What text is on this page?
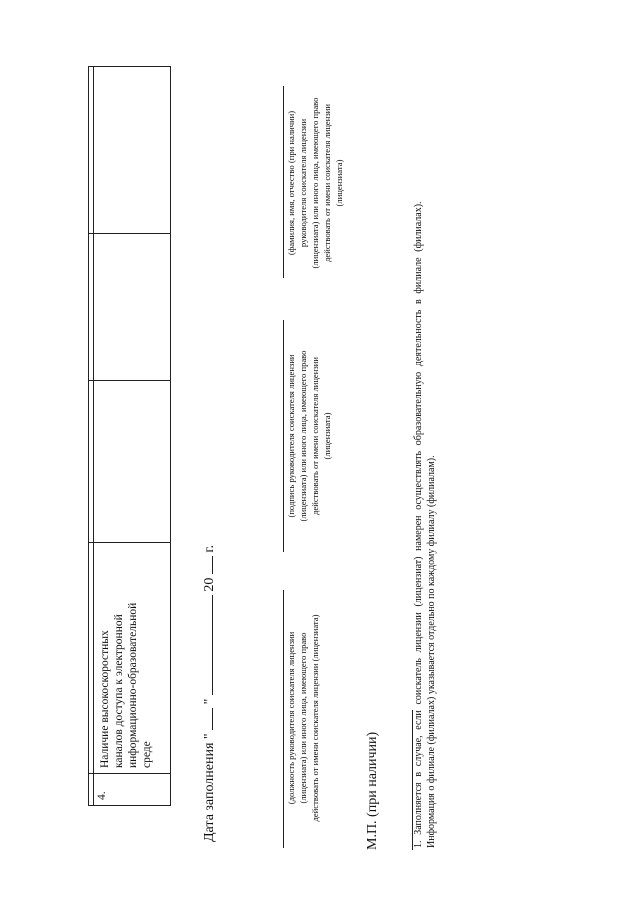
4.
Наличие высокоскоростных каналов доступа к электронной информационно-образовательной среде	Дата заполнения "  "  20  г.
(должность руководителя соискателя лицензии (лицензиата) или иного лица, имеющего право действовать от имени соискателя лицензии (лицензиата)
(подпись руководителя соискателя лицензии (лицензиата) или иного лица, имеющего право действовать от имени соискателя лицензии (лицензиата)
(фамилия, имя, отчество (при наличии) руководителя соискателя лицензии (лицензиата) или иного лица, имеющего право действовать от имени соискателя лицензии (лицензиата)
М.П. (при наличии)	1. Заполняется в случае, если соискатель лицензии (лицензиат) намерен осуществлять образовательную деятельность в филиале (филиалах). Информация о филиале (филиалах) указывается отдельно по каждому филиалу (филиалам).
